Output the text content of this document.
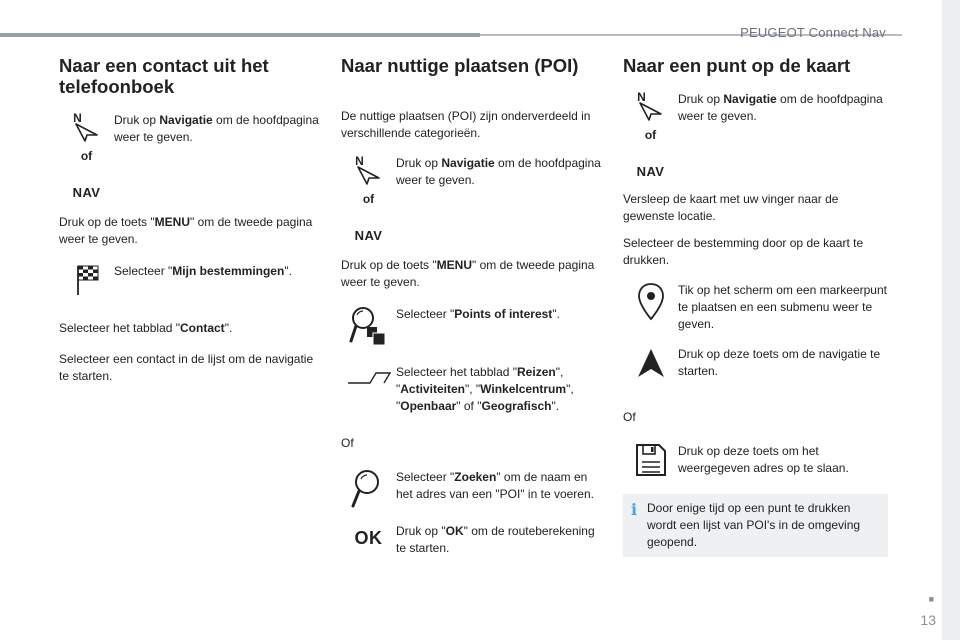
PEUGEOT Connect Nav
■
13
Naar een contact uit het telefoonboek
N
of
NAV
Druk op Navigatie om de hoofdpagina weer te geven.

Druk op de toets "MENU" om de tweede pagina weer te geven.

Selecteer "Mijn bestemmingen".

Selecteer het tabblad "Contact".

Selecteer een contact in de lijst om de navigatie te starten.

Naar nuttige plaatsen (POI)

De nuttige plaatsen (POI) zijn onderverdeeld in verschillende categorieën.

N
of
NAV
Druk op Navigatie om de hoofdpagina weer te geven.

Druk op de toets "MENU" om de tweede pagina weer te geven.

Selecteer "Points of interest".
Selecteer het tabblad "Reizen", "Activiteiten", "Winkelcentrum", "Openbaar" of "Geografisch".

Of

Selecteer "Zoeken" om de naam en het adres van een "POI" in te voeren.
OK Druk op "OK" om de routeberekening te starten.
Naar een punt op de kaart
N
of
NAV
Druk op Navigatie om de hoofdpagina weer te geven.

Versleep de kaart met uw vinger naar de gewenste locatie.

Selecteer de bestemming door op de kaart te drukken.

Tik op het scherm om een markeerpunt te plaatsen en een submenu weer te geven.
Druk op deze toets om de navigatie te starten.

Of

Druk op deze toets om het weergegeven adres op te slaan.
i Door enige tijd op een punt te drukken wordt een lijst van POI's in de omgeving geopend.
